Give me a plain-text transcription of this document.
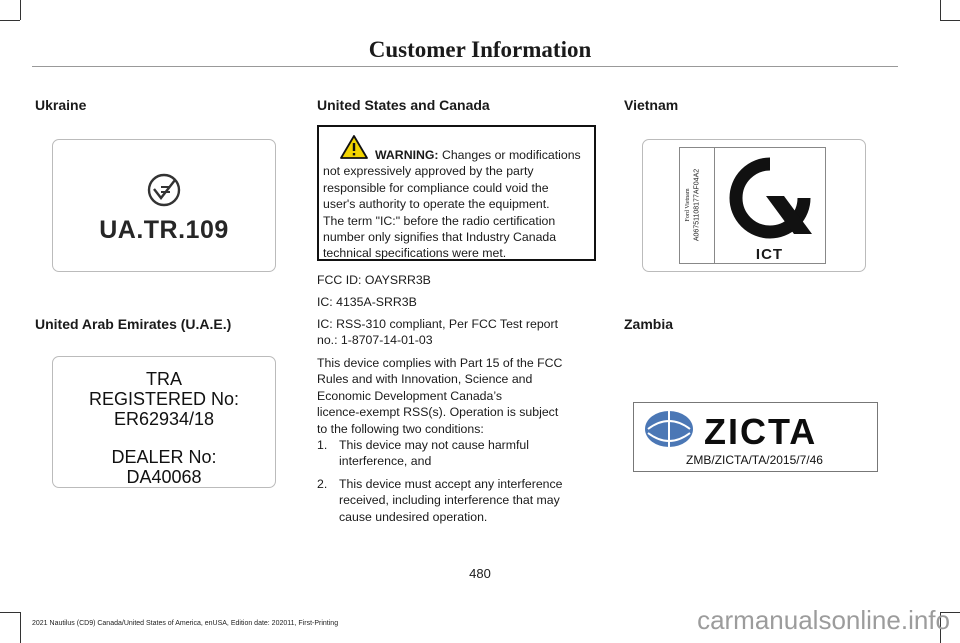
Customer Information
Ukraine
UA.TR.109
United Arab Emirates (U.A.E.)
TRA
REGISTERED No:
ER62934/18
DEALER No:
DA40068
United States and Canada
WARNING: Changes or modifications
not expressively approved by the party
responsible for compliance could void the
user's authority to operate the equipment.
The term "IC:" before the radio certification
number only signifies that Industry Canada
technical specifications were met.
FCC ID: OAYSRR3B
IC: 4135A-SRR3B
IC: RSS-310 compliant, Per FCC Test report
no.: 1-8707-14-01-03
This device complies with Part 15 of the FCC
Rules and with Innovation, Science and
Economic Development Canada’s
licence-exempt RSS(s). Operation is subject
to the following two conditions:
1. This device may not cause harmful
interference, and
2. This device must accept any interference
received, including interference that may
cause undesired operation.
Vietnam
A06751108177AF04A2
Ford Vietnam
ICT
Zambia
ZICTA
ZMB/ZICTA/TA/2015/7/46
480
2021 Nautilus (CD9) Canada/United States of America, enUSA, Edition date: 202011, First-Printing	carmanualsonline.info
